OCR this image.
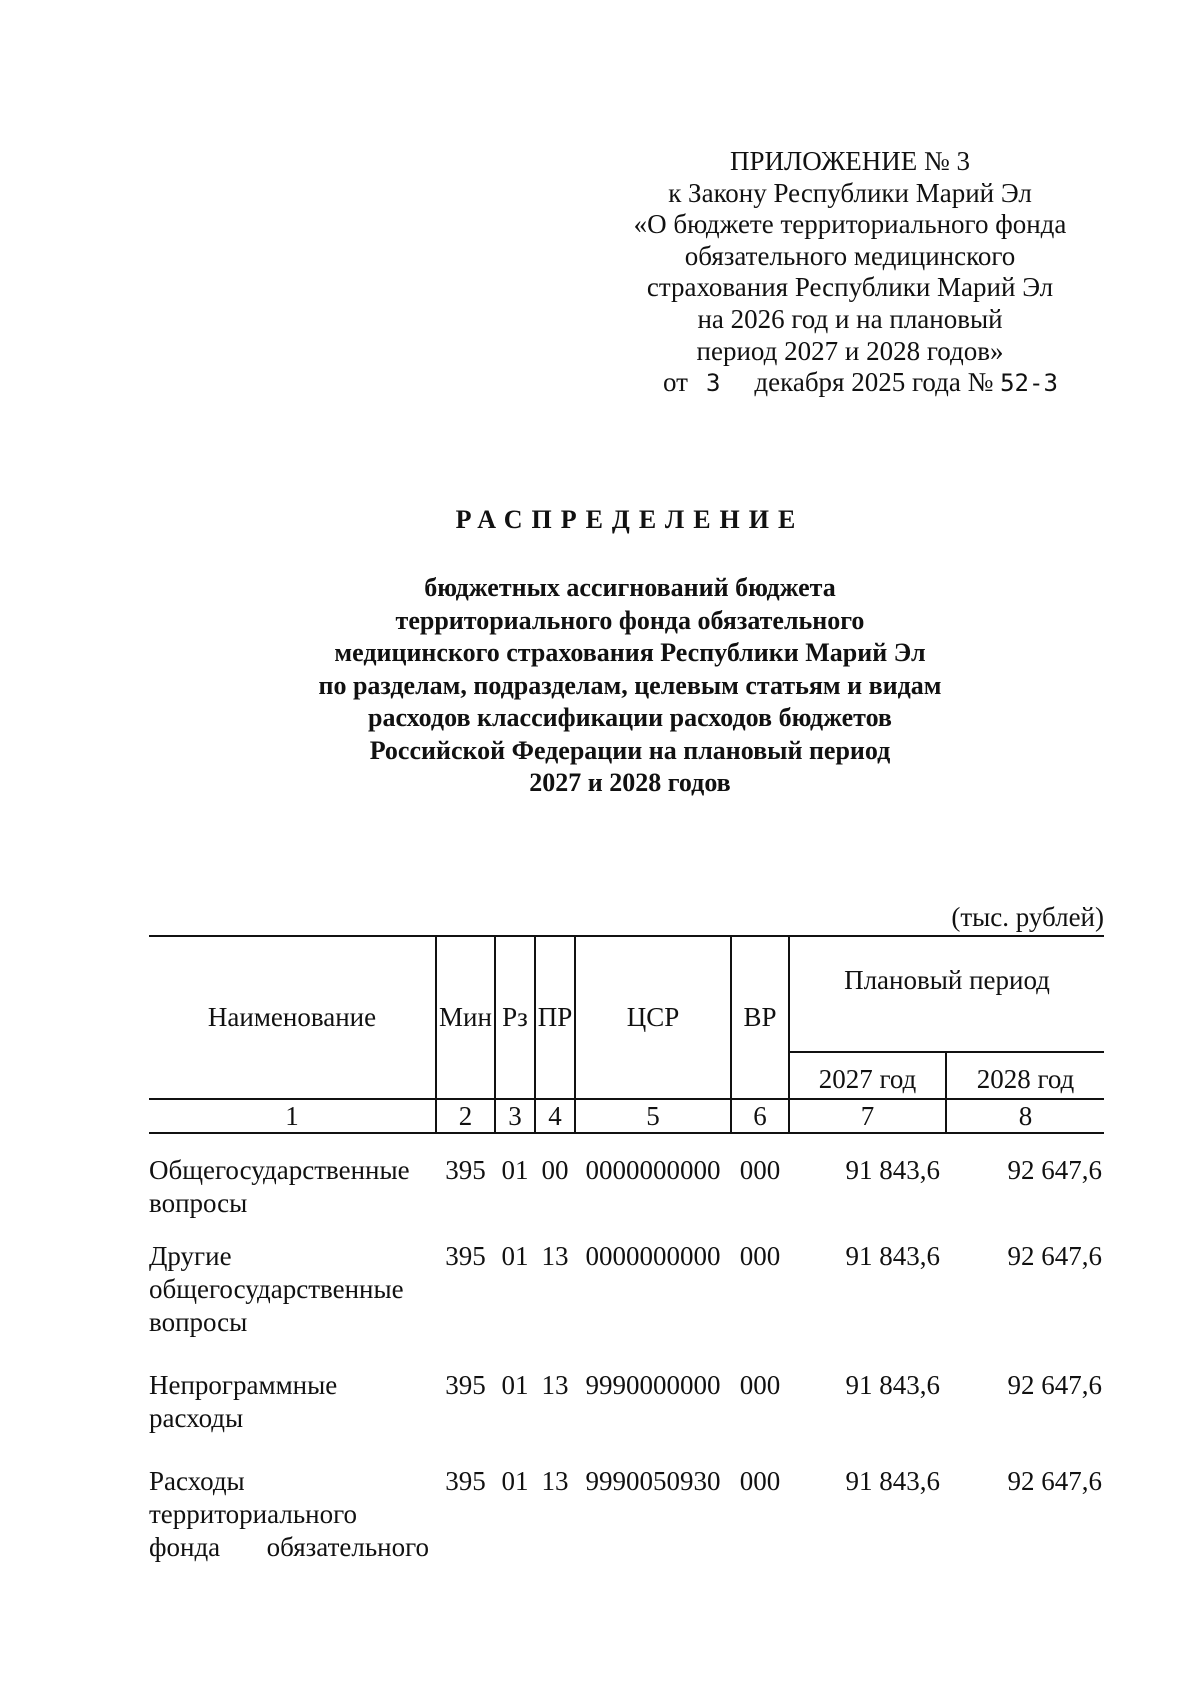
ПРИЛОЖЕНИЕ № 3
к Закону Республики Марий Эл
«О бюджете территориального фонда
обязательного медицинского
страхования Республики Марий Эл
на 2026 год и на плановый
период 2027 и 2028 годов»
от 3 декабря 2025 года № 52-З
РАСПРЕДЕЛЕНИЕ
бюджетных ассигнований бюджета
территориального фонда обязательного
медицинского страхования Республики Марий Эл
по разделам, подразделам, целевым статьям и видам
расходов классификации расходов бюджетов
Российской Федерации на плановый период
2027 и 2028 годов
(тыс. рублей)
Наименование	Мин	Рз	ПР	ЦСР	ВР	Плановый период	
						2027 год	2028 год
1	2	3	4	5	6	7	8

Общегосударственные
вопросы	395	01	00	0000000000	000	91 843,6	92 647,6

Другие
общегосударственные
вопросы	395	01	13	0000000000	000	91 843,6	92 647,6

Непрограммные
расходы	395	01	13	9990000000	000	91 843,6	92 647,6

Расходы
территориального
фонда обязательного	395	01	13	9990050930	000	91 843,6	92 647,6
